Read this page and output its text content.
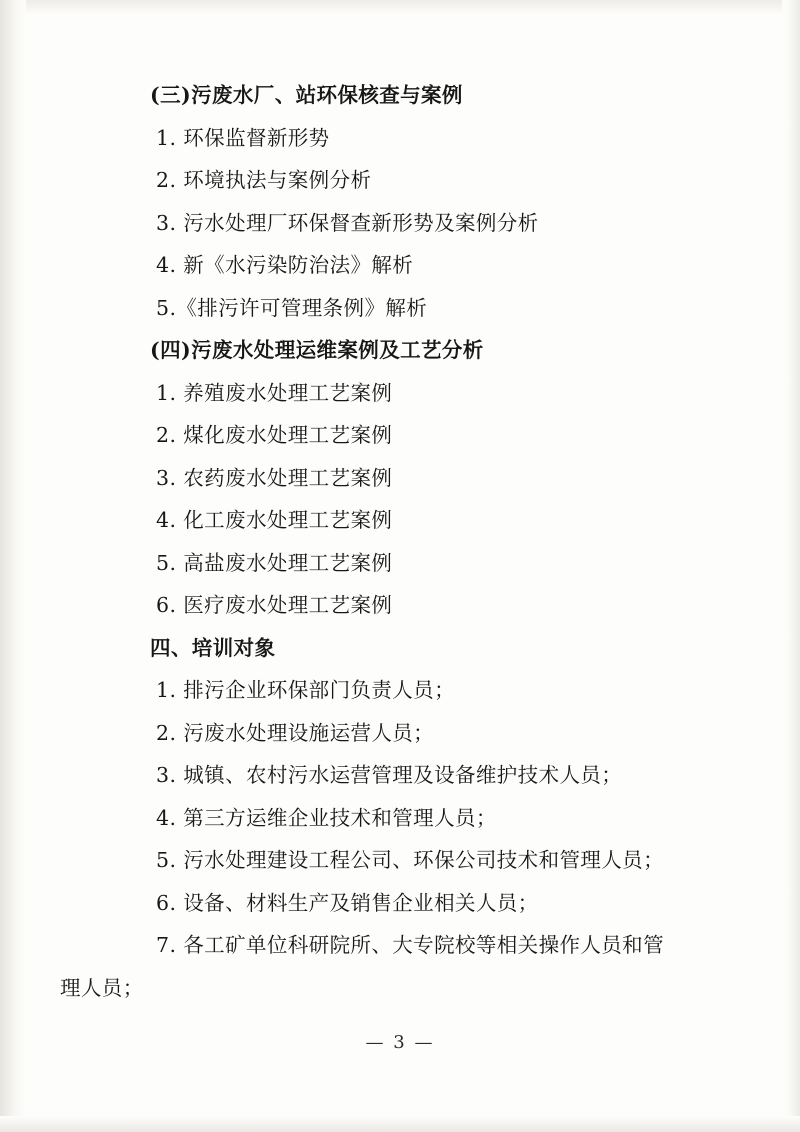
(三)污废水厂、站环保核查与案例
1. 环保监督新形势
2. 环境执法与案例分析
3. 污水处理厂环保督查新形势及案例分析
4. 新《水污染防治法》解析
5.《排污许可管理条例》解析
(四)污废水处理运维案例及工艺分析
1. 养殖废水处理工艺案例
2. 煤化废水处理工艺案例
3. 农药废水处理工艺案例
4. 化工废水处理工艺案例
5. 高盐废水处理工艺案例
6. 医疗废水处理工艺案例
四、培训对象
1. 排污企业环保部门负责人员；
2. 污废水处理设施运营人员；
3. 城镇、农村污水运营管理及设备维护技术人员；
4. 第三方运维企业技术和管理人员；
5. 污水处理建设工程公司、环保公司技术和管理人员；
6. 设备、材料生产及销售企业相关人员；
7. 各工矿单位科研院所、大专院校等相关操作人员和管
理人员；
— 3 —
